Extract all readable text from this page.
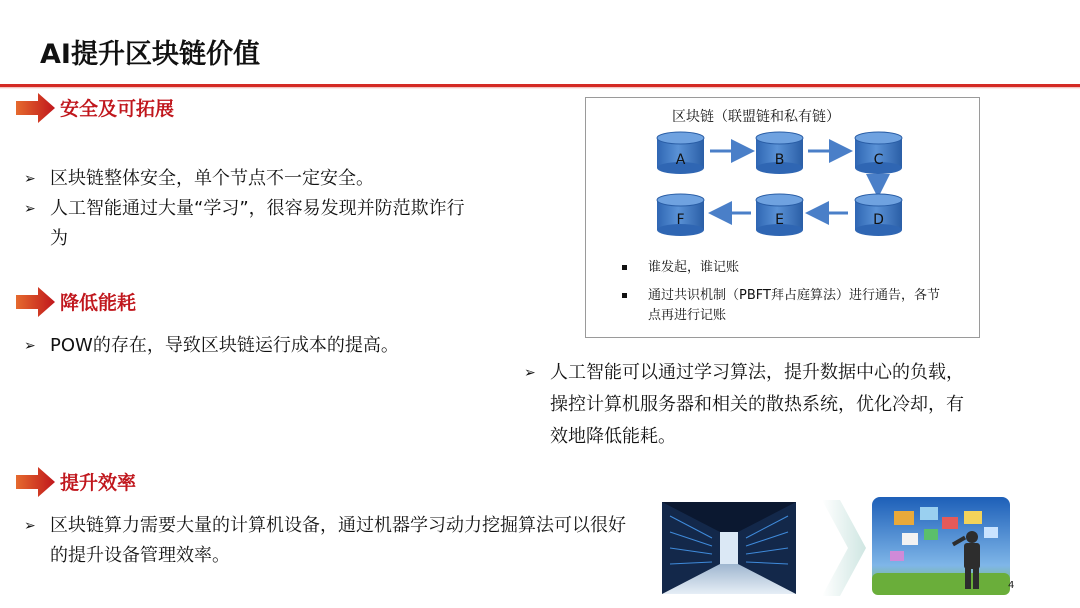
AI提升区块链价值
安全及可拓展
➢ 区块链整体安全，单个节点不一定安全。
➢ 人工智能通过大量“学习”，很容易发现并防范欺诈行为
降低能耗
➢ POW的存在，导致区块链运行成本的提高。
➢ 人工智能可以通过学习算法，提升数据中心的负载，操控计算机服务器和相关的散热系统，优化冷却，有效地降低能耗。
提升效率
➢ 区块链算力需要大量的计算机设备，通过机器学习动力挖掘算法可以很好的提升设备管理效率。
区块链（联盟链和私有链）
A	B	C
D
E
F
谁发起，谁记账
通过共识机制（PBFT拜占庭算法）进行通告，各节点再进行记账
4
